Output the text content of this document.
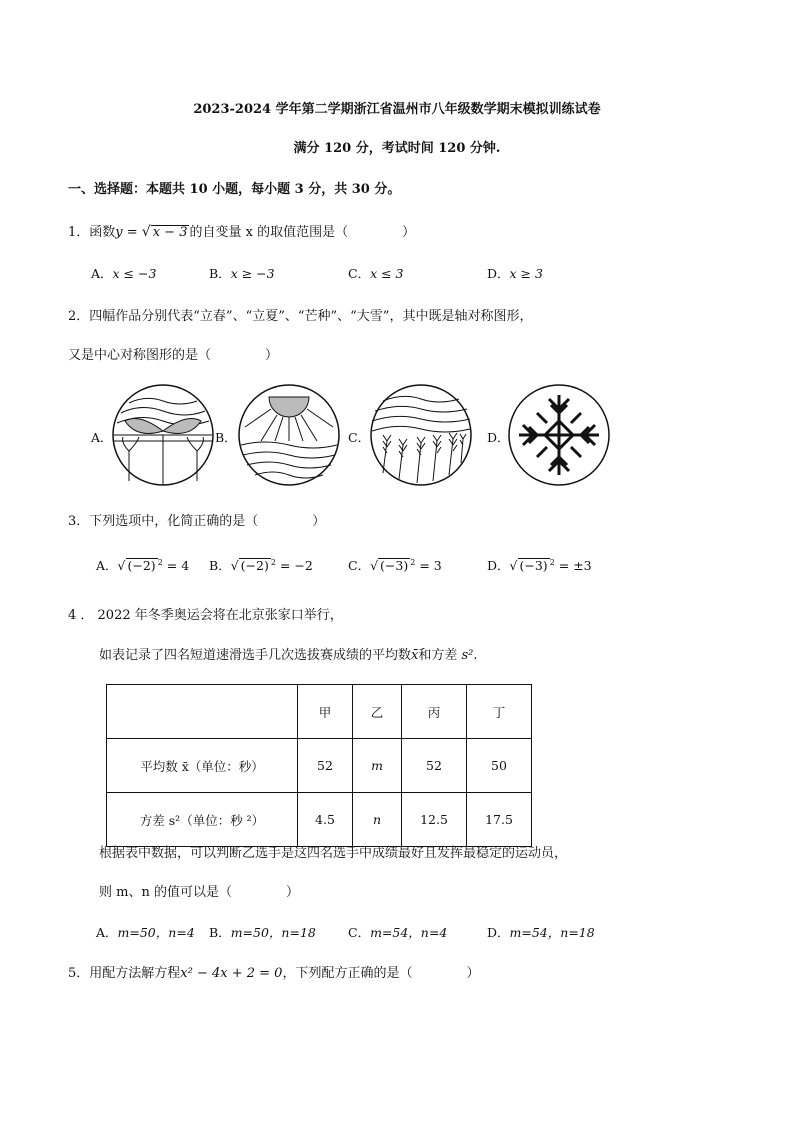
2023-2024 学年第二学期浙江省温州市八年级数学期末模拟训练试卷
满分 120 分，考试时间 120 分钟.
一、选择题：本题共 10 小题，每小题 3 分，共 30 分。
1．函数y = √ x − 3 的自变量 x 的取值范围是（	）
A．x ≤ −3	B．x ≥ −3	C．x ≤ 3	D．x ≥ 3
2．四幅作品分别代表“立春”、“立夏”、“芒种”、“大雪”，其中既是轴对称图形，
又是中心对称图形的是（	）
A．	B．	C．	D．
3．下列选项中，化简正确的是（	）
A．√ (−2) $^2$ = 4 B．√ (−2) $^2$ = −2	C．√ (−3) $^2$ = 3	D．√ (−3) $^2$ = ±3
4 ． 2022 年冬季奥运会将在北京张家口举行，
如表记录了四名短道速滑选手几次选拔赛成绩的平均数x̄和方差 s².
	甲	乙	丙	丁
平均数 x̄（单位：秒）	52	m	52	50
方差 s²（单位：秒 ²）	4.5	n	12.5	17.5
根据表中数据，可以判断乙选手是这四名选手中成绩最好且发挥最稳定的运动员，
则 m、n 的值可以是（	）
A．m=50，n=4 B．m=50，n=18	C．m=54，n=4	D．m=54，n=18
5．用配方法解方程x² − 4x + 2 = 0，下列配方正确的是（	）
